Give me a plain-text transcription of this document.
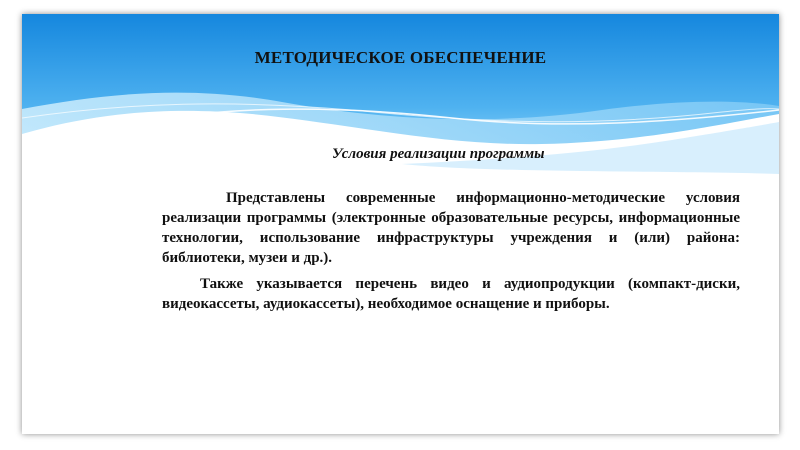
МЕТОДИЧЕСКОЕ ОБЕСПЕЧЕНИЕ
Условия реализации программы

Представлены современные информационно-методические условия реализации программы (электронные образовательные ресурсы, информационные технологии, использование инфраструктуры учреждения и (или) района: библиотеки, музеи и др.).

Также указывается перечень видео и аудиопродукции (компакт-диски, видеокассеты, аудиокассеты), необходимое оснащение и приборы.
